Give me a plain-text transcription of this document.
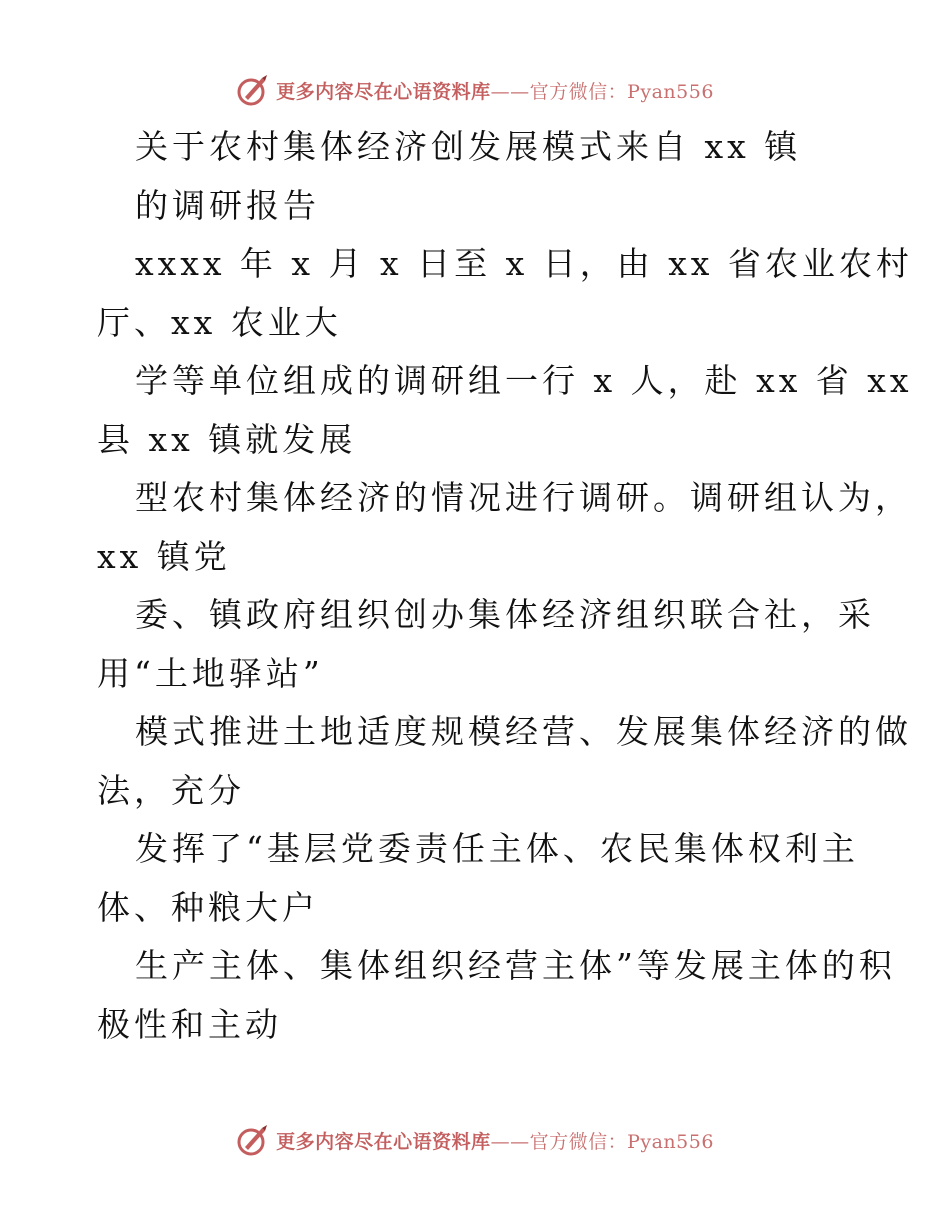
更多内容尽在心语资料库——官方微信：Pyan556
关于农村集体经济创发展模式来自 xx 镇
的调研报告
xxxx 年 x 月 x 日至 x 日，由 xx 省农业农村
厅、xx 农业大
学等单位组成的调研组一行 x 人，赴 xx 省 xx
县 xx 镇就发展
型农村集体经济的情况进行调研。调研组认为，
xx 镇党
委、镇政府组织创办集体经济组织联合社，采
用“土地驿站”
模式推进土地适度规模经营、发展集体经济的做
法，充分
发挥了“基层党委责任主体、农民集体权利主
体、种粮大户
生产主体、集体组织经营主体”等发展主体的积
极性和主动
更多内容尽在心语资料库——官方微信：Pyan556
